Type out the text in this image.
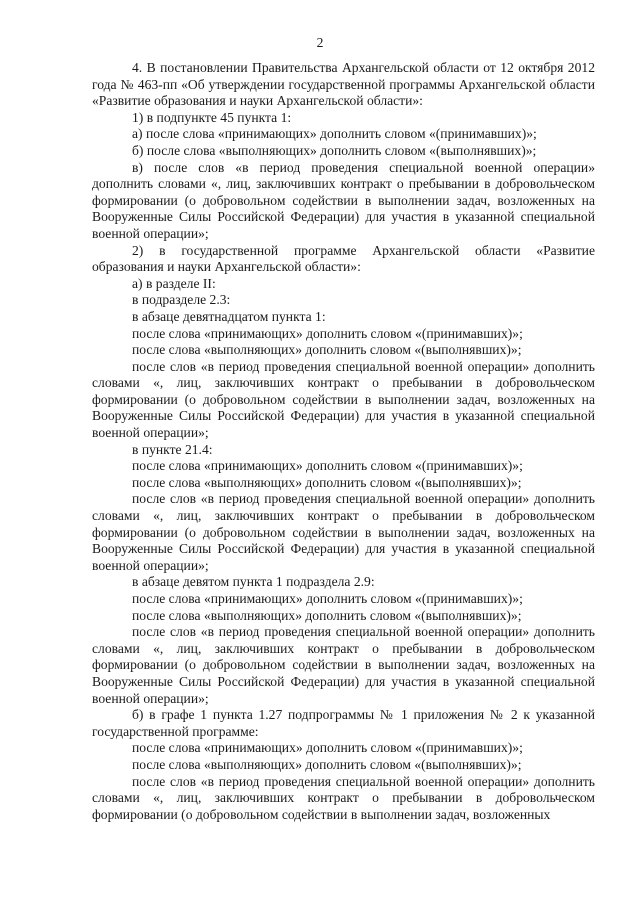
2

4. В постановлении Правительства Архангельской области от 12 октября 2012 года № 463-пп «Об утверждении государственной программы Архангельской области «Развитие образования и науки Архангельской области»:

1) в подпункте 45 пункта 1:

а) после слова «принимающих» дополнить словом «(принимавших)»;

б) после слова «выполняющих» дополнить словом «(выполнявших)»;

в) после слов «в период проведения специальной военной операции» дополнить словами «, лиц, заключивших контракт о пребывании в добровольческом формировании (о добровольном содействии в выполнении задач, возложенных на Вооруженные Силы Российской Федерации) для участия в указанной специальной военной операции»;

2) в государственной программе Архангельской области «Развитие образования и науки Архангельской области»:

а) в разделе II:

в подразделе 2.3:

в абзаце девятнадцатом пункта 1:

после слова «принимающих» дополнить словом «(принимавших)»;

после слова «выполняющих» дополнить словом «(выполнявших)»;

после слов «в период проведения специальной военной операции» дополнить словами «, лиц, заключивших контракт о пребывании в добровольческом формировании (о добровольном содействии в выполнении задач, возложенных на Вооруженные Силы Российской Федерации) для участия в указанной специальной военной операции»;

в пункте 21.4:

после слова «принимающих» дополнить словом «(принимавших)»;

после слова «выполняющих» дополнить словом «(выполнявших)»;

после слов «в период проведения специальной военной операции» дополнить словами «, лиц, заключивших контракт о пребывании в добровольческом формировании (о добровольном содействии в выполнении задач, возложенных на Вооруженные Силы Российской Федерации) для участия в указанной специальной военной операции»;

в абзаце девятом пункта 1 подраздела 2.9:

после слова «принимающих» дополнить словом «(принимавших)»;

после слова «выполняющих» дополнить словом «(выполнявших)»;

после слов «в период проведения специальной военной операции» дополнить словами «, лиц, заключивших контракт о пребывании в добровольческом формировании (о добровольном содействии в выполнении задач, возложенных на Вооруженные Силы Российской Федерации) для участия в указанной специальной военной операции»;

б) в графе 1 пункта 1.27 подпрограммы № 1 приложения № 2 к указанной государственной программе:

после слова «принимающих» дополнить словом «(принимавших)»;

после слова «выполняющих» дополнить словом «(выполнявших)»;

после слов «в период проведения специальной военной операции» дополнить словами «, лиц, заключивших контракт о пребывании в добровольческом формировании (о добровольном содействии в выполнении задач, возложенных
